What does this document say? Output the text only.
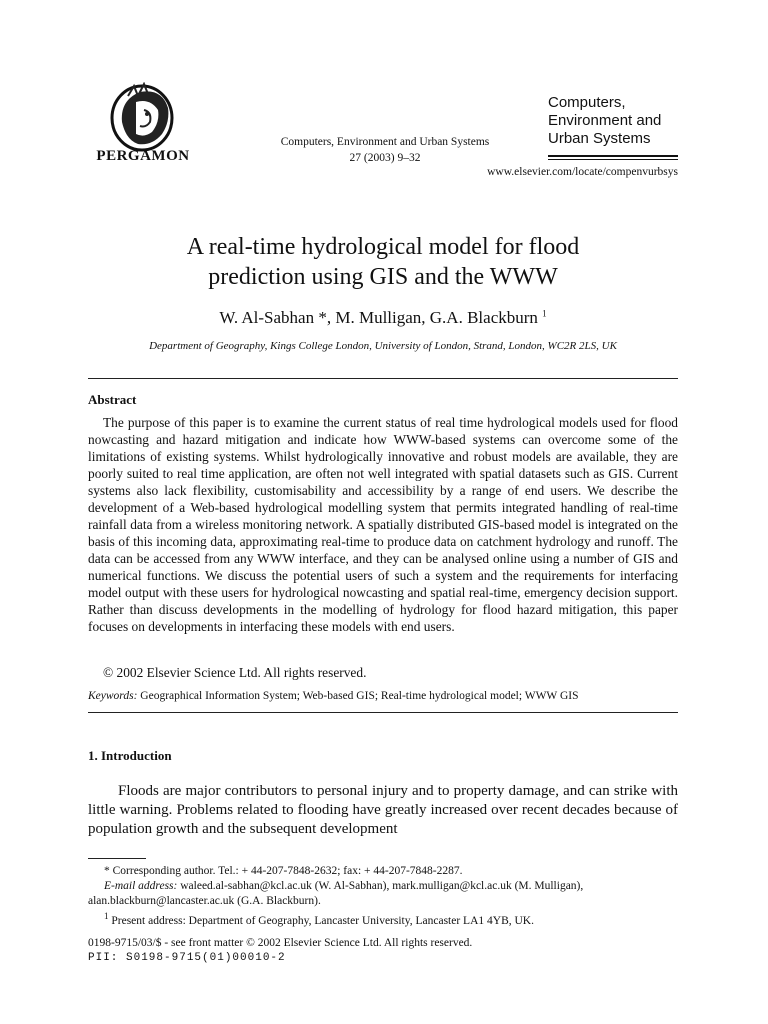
PERGAMON
Computers, Environment and Urban Systems
27 (2003) 9–32
Computers,
Environment and
Urban Systems
www.elsevier.com/locate/compenvurbsys
A real-time hydrological model for flood
prediction using GIS and the WWW
W. Al-Sabhan *, M. Mulligan, G.A. Blackburn $^1$
Department of Geography, Kings College London, University of London, Strand, London, WC2R 2LS, UK
Abstract
The purpose of this paper is to examine the current status of real time hydrological models used for flood nowcasting and hazard mitigation and indicate how WWW-based systems can overcome some of the limitations of existing systems. Whilst hydrologically innovative and robust models are available, they are poorly suited to real time application, are often not well integrated with spatial datasets such as GIS. Current systems also lack flexibility, customisability and accessibility by a range of end users. We describe the development of a Web-based hydrological modelling system that permits integrated handling of real-time rainfall data from a wireless monitoring network. A spatially distributed GIS-based model is integrated on the basis of this incoming data, approximating real-time to produce data on catchment hydrology and runoff. The data can be accessed from any WWW interface, and they can be analysed online using a number of GIS and numerical functions. We discuss the potential users of such a system and the requirements for interfacing model output with these users for hydrological nowcasting and spatial real-time, emergency decision support. Rather than discuss developments in the modelling of hydrology for flood hazard mitigation, this paper focuses on developments in interfacing these models with end users.
© 2002 Elsevier Science Ltd. All rights reserved.
Keywords: Geographical Information System; Web-based GIS; Real-time hydrological model; WWW GIS
1. Introduction
Floods are major contributors to personal injury and to property damage, and can strike with little warning. Problems related to flooding have greatly increased over recent decades because of population growth and the subsequent development

* Corresponding author. Tel.: + 44-207-7848-2632; fax: + 44-207-7848-2287.

E-mail address: waleed.al-sabhan@kcl.ac.uk (W. Al-Sabhan), mark.mulligan@kcl.ac.uk (M. Mulligan), alan.blackburn@lancaster.ac.uk (G.A. Blackburn).

$^1$ Present address: Department of Geography, Lancaster University, Lancaster LA1 4YB, UK.

0198-9715/03/$ - see front matter © 2002 Elsevier Science Ltd. All rights reserved.
PII: S0198-9715(01)00010-2
